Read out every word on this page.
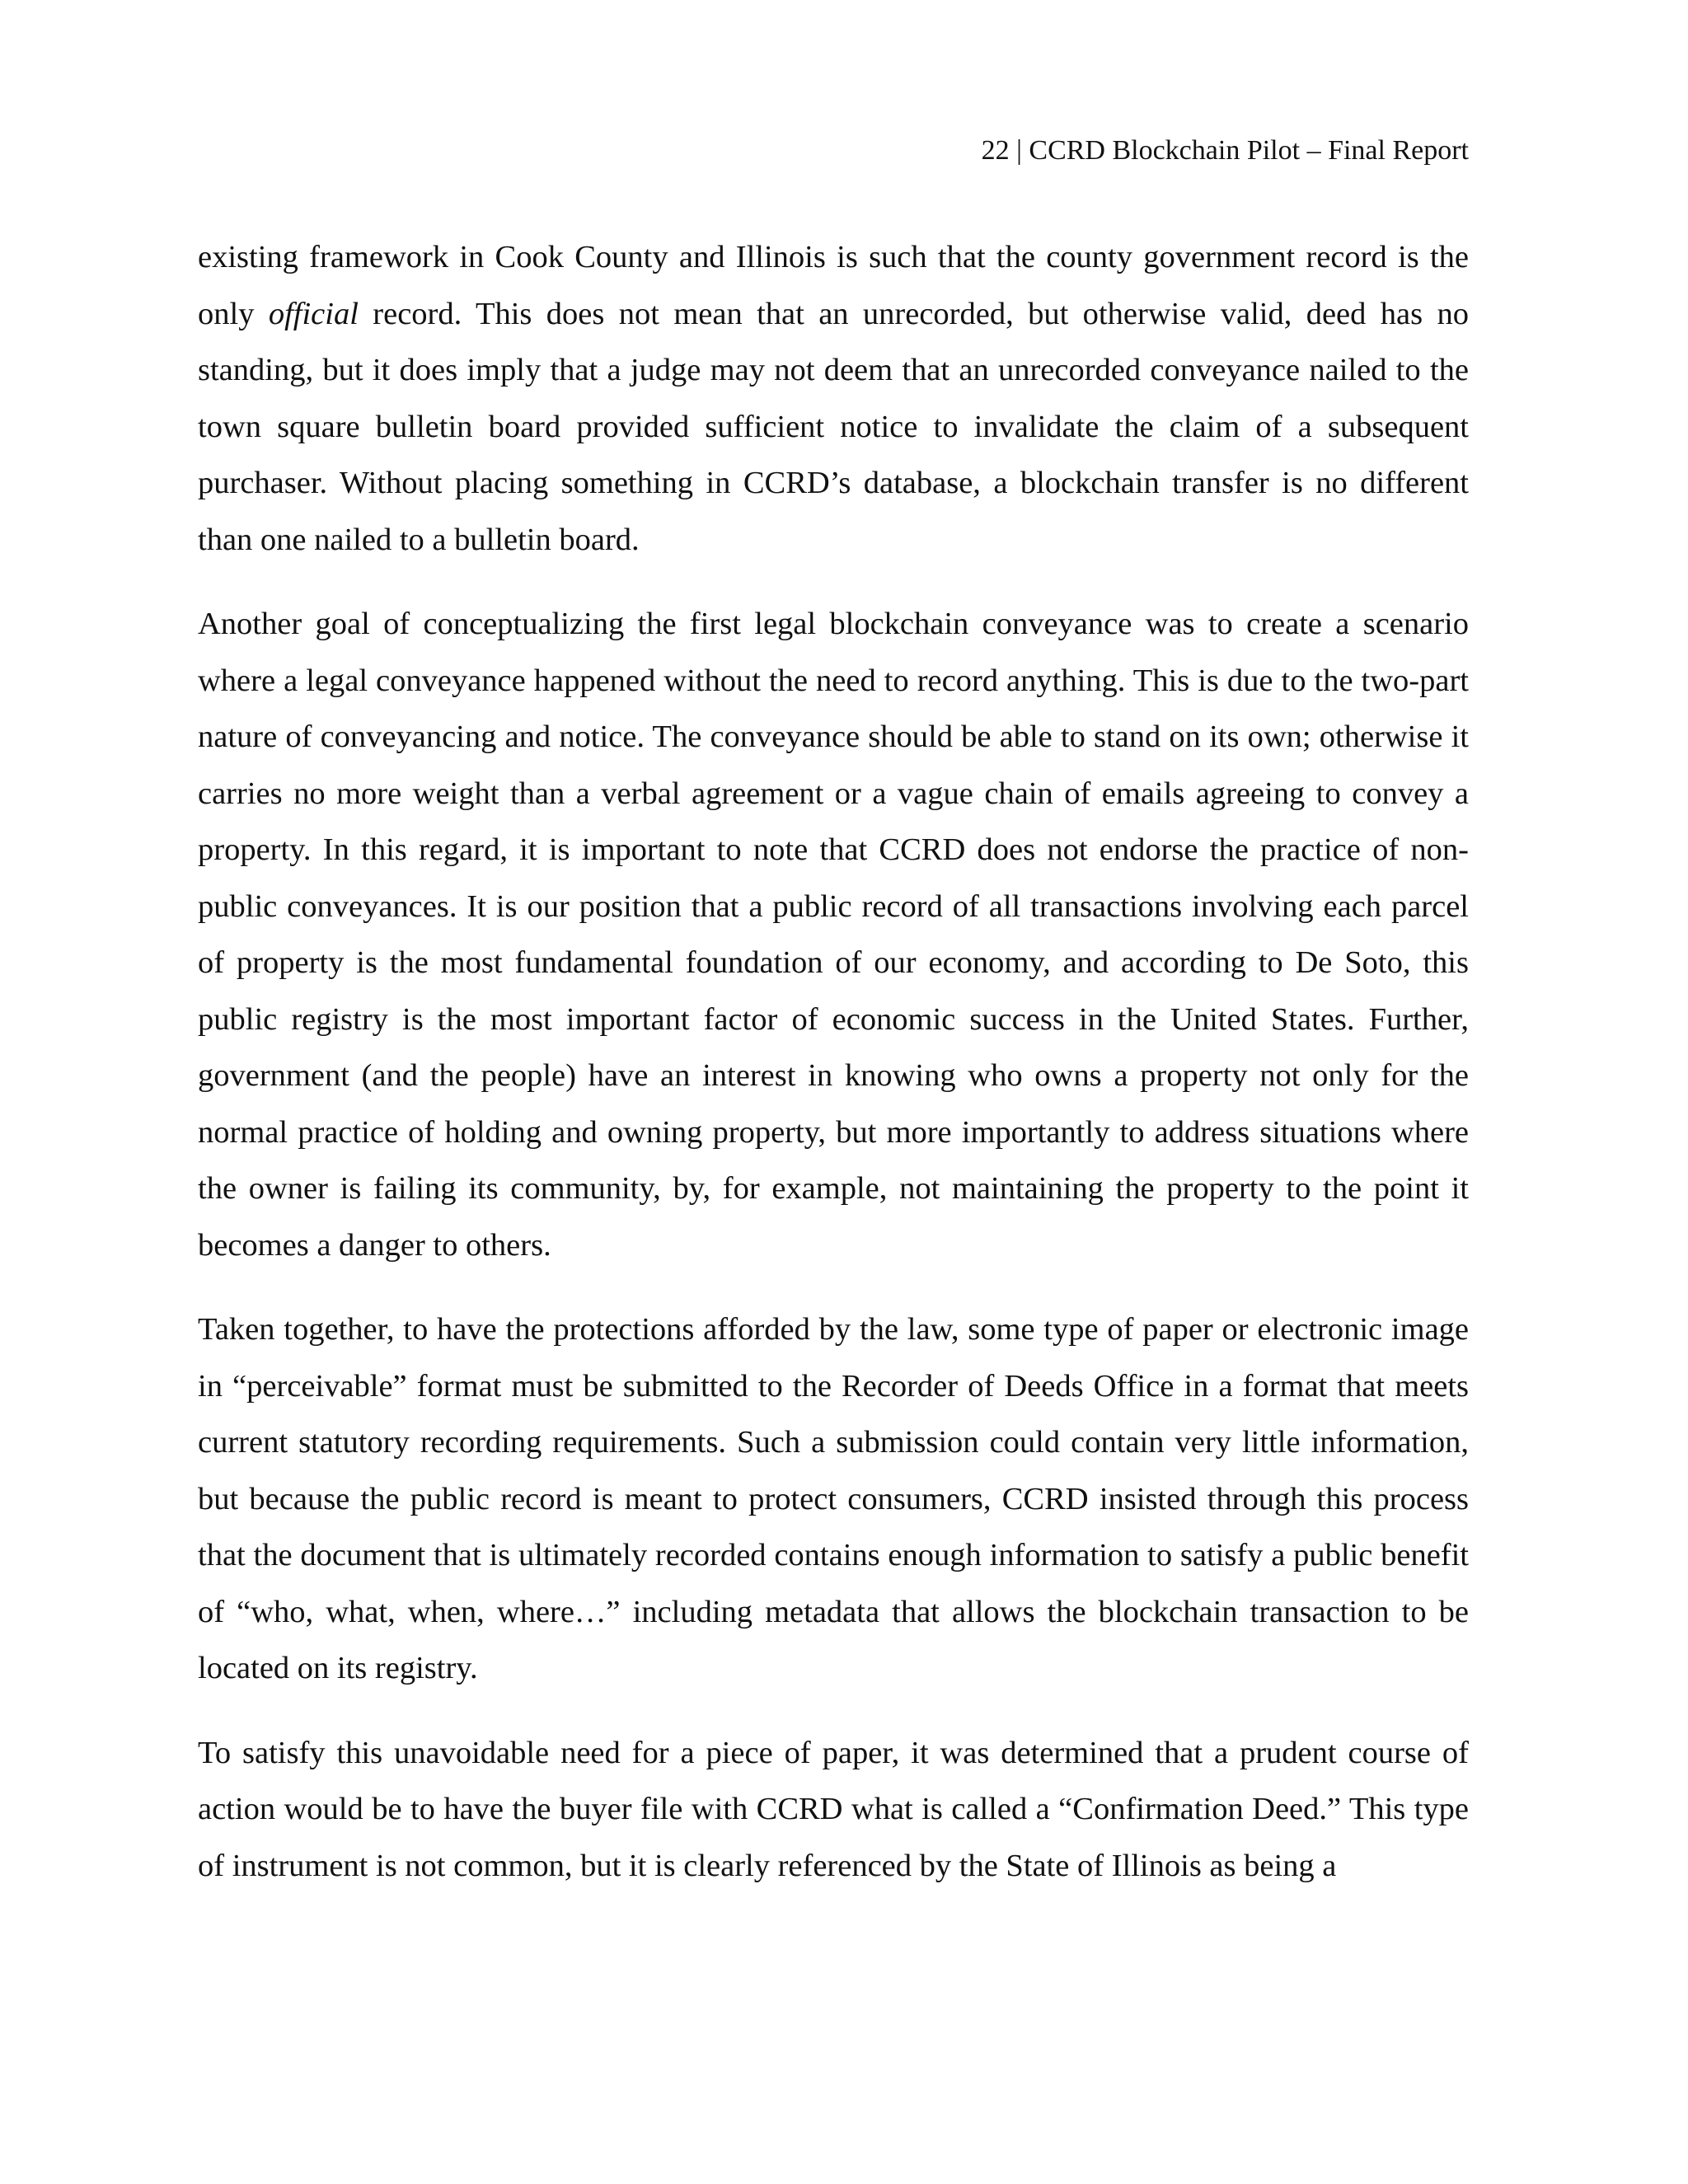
22 | CCRD Blockchain Pilot – Final Report

existing framework in Cook County and Illinois is such that the county government record is the only official record. This does not mean that an unrecorded, but otherwise valid, deed has no standing, but it does imply that a judge may not deem that an unrecorded conveyance nailed to the town square bulletin board provided sufficient notice to invalidate the claim of a subsequent purchaser. Without placing something in CCRD’s database, a blockchain transfer is no different than one nailed to a bulletin board.

Another goal of conceptualizing the first legal blockchain conveyance was to create a scenario where a legal conveyance happened without the need to record anything. This is due to the two-part nature of conveyancing and notice. The conveyance should be able to stand on its own; otherwise it carries no more weight than a verbal agreement or a vague chain of emails agreeing to convey a property. In this regard, it is important to note that CCRD does not endorse the practice of non-public conveyances. It is our position that a public record of all transactions involving each parcel of property is the most fundamental foundation of our economy, and according to De Soto, this public registry is the most important factor of economic success in the United States. Further, government (and the people) have an interest in knowing who owns a property not only for the normal practice of holding and owning property, but more importantly to address situations where the owner is failing its community, by, for example, not maintaining the property to the point it becomes a danger to others.

Taken together, to have the protections afforded by the law, some type of paper or electronic image in “perceivable” format must be submitted to the Recorder of Deeds Office in a format that meets current statutory recording requirements. Such a submission could contain very little information, but because the public record is meant to protect consumers, CCRD insisted through this process that the document that is ultimately recorded contains enough information to satisfy a public benefit of “who, what, when, where…” including metadata that allows the blockchain transaction to be located on its registry.

To satisfy this unavoidable need for a piece of paper, it was determined that a prudent course of action would be to have the buyer file with CCRD what is called a “Confirmation Deed.” This type of instrument is not common, but it is clearly referenced by the State of Illinois as being a
